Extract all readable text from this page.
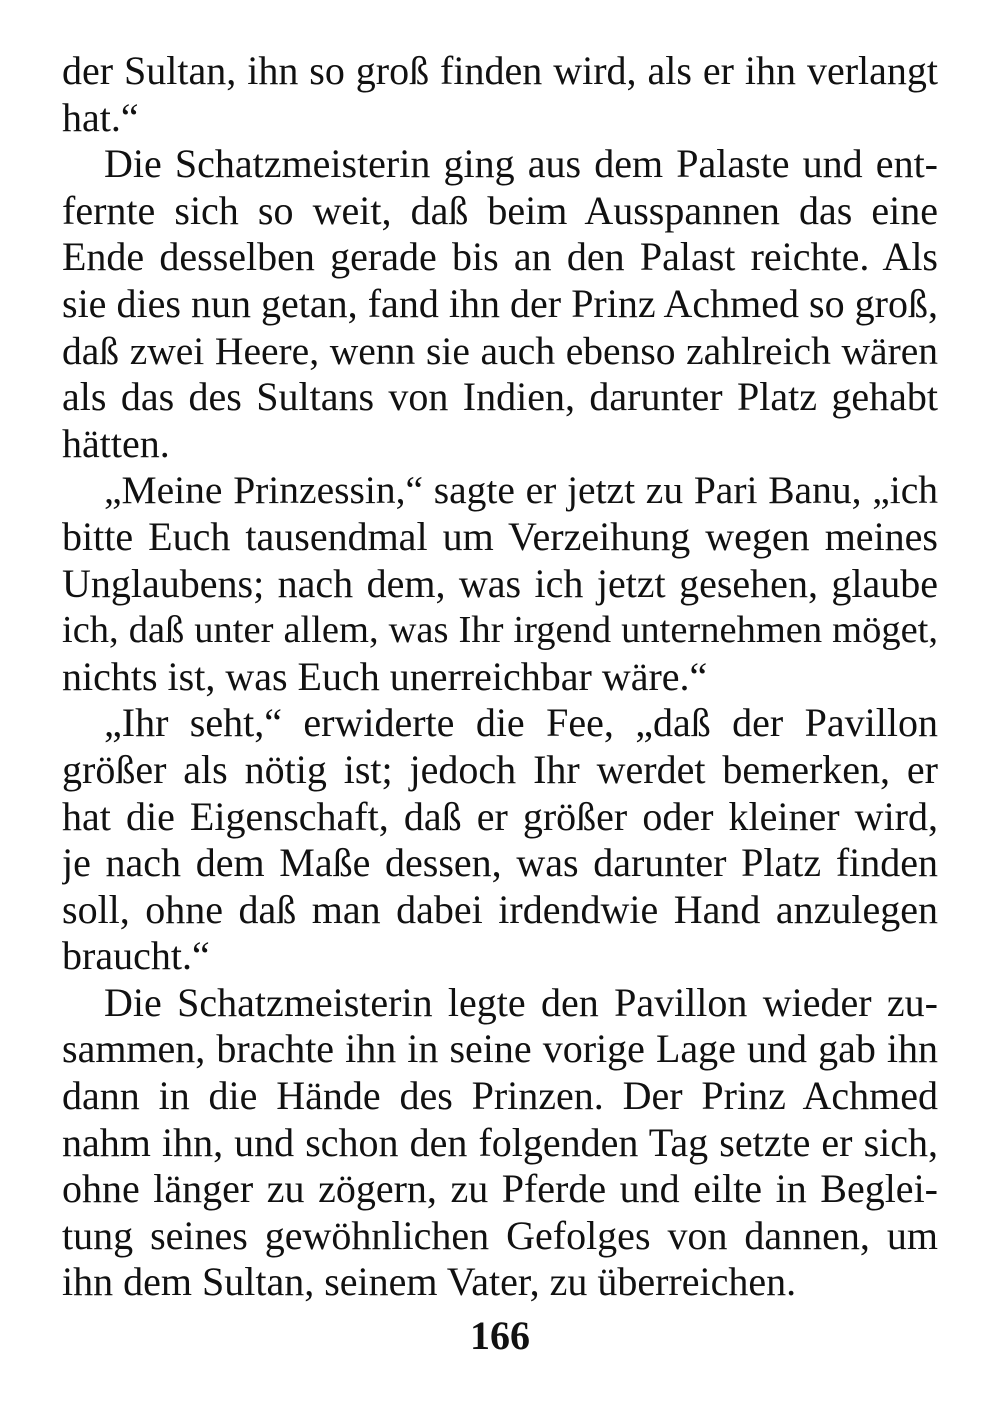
der Sultan, ihn so groß finden wird, als er ihn verlangt
hat.“
Die Schatzmeisterin ging aus dem Palaste und ent-
fernte sich so weit, daß beim Ausspannen das eine
Ende desselben gerade bis an den Palast reichte. Als
sie dies nun getan, fand ihn der Prinz Achmed so groß,
daß zwei Heere, wenn sie auch ebenso zahlreich wären
als das des Sultans von Indien, darunter Platz gehabt
hätten.
„Meine Prinzessin,“ sagte er jetzt zu Pari Banu, „ich
bitte Euch tausendmal um Verzeihung wegen meines
Unglaubens; nach dem, was ich jetzt gesehen, glaube
ich, daß unter allem, was Ihr irgend unternehmen möget,
nichts ist, was Euch unerreichbar wäre.“
„Ihr seht,“ erwiderte die Fee, „daß der Pavillon
größer als nötig ist; jedoch Ihr werdet bemerken, er
hat die Eigenschaft, daß er größer oder kleiner wird,
je nach dem Maße dessen, was darunter Platz finden
soll, ohne daß man dabei irdendwie Hand anzulegen
braucht.“
Die Schatzmeisterin legte den Pavillon wieder zu-
sammen, brachte ihn in seine vorige Lage und gab ihn
dann in die Hände des Prinzen. Der Prinz Achmed
nahm ihn, und schon den folgenden Tag setzte er sich,
ohne länger zu zögern, zu Pferde und eilte in Beglei-
tung seines gewöhnlichen Gefolges von dannen, um
ihn dem Sultan, seinem Vater, zu überreichen.
166
